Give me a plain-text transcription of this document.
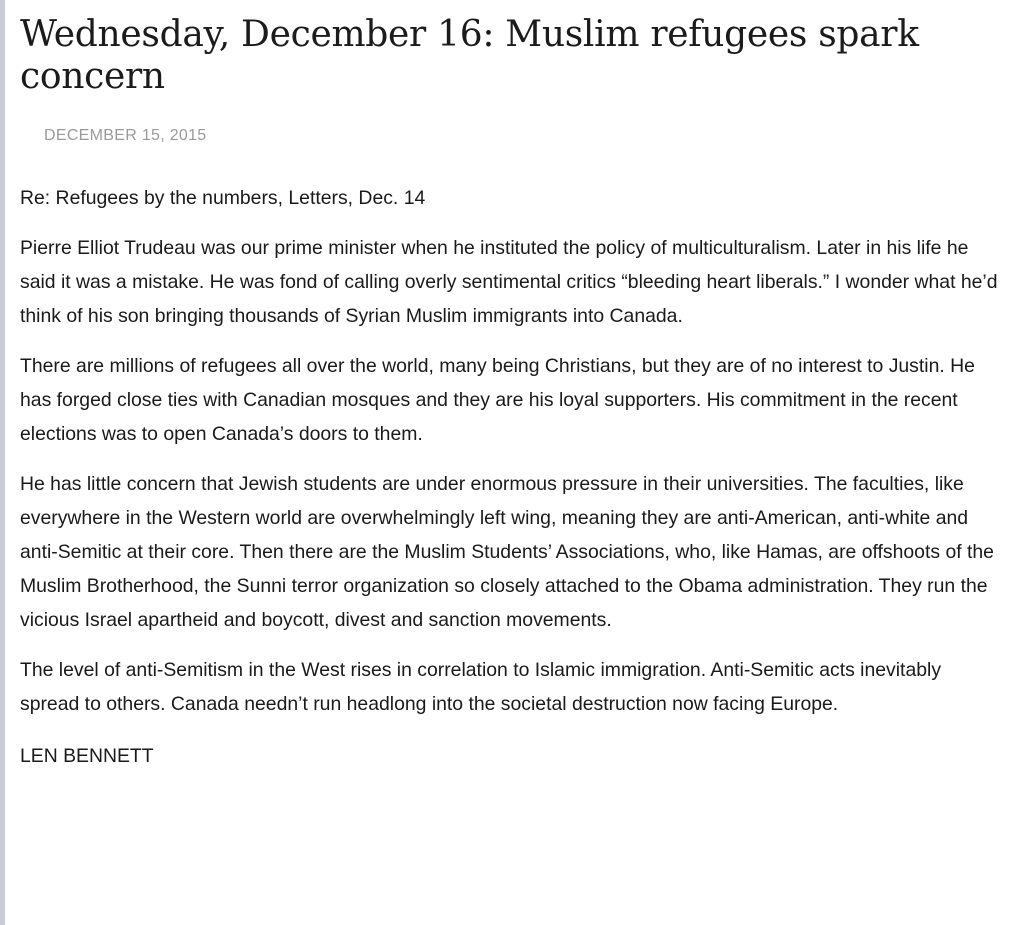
Wednesday, December 16: Muslim refugees spark concern
DECEMBER 15, 2015

Re: Refugees by the numbers, Letters, Dec. 14

Pierre Elliot Trudeau was our prime minister when he instituted the policy of multiculturalism. Later in his life he said it was a mistake. He was fond of calling overly sentimental critics “bleeding heart liberals.” I wonder what he’d think of his son bringing thousands of Syrian Muslim immigrants into Canada.

There are millions of refugees all over the world, many being Christians, but they are of no interest to Justin. He has forged close ties with Canadian mosques and they are his loyal supporters. His commitment in the recent elections was to open Canada’s doors to them.

He has little concern that Jewish students are under enormous pressure in their universities. The faculties, like everywhere in the Western world are overwhelmingly left wing, meaning they are anti-American, anti-white and anti-Semitic at their core. Then there are the Muslim Students’ Associations, who, like Hamas, are offshoots of the Muslim Brotherhood, the Sunni terror organization so closely attached to the Obama administration. They run the vicious Israel apartheid and boycott, divest and sanction movements.

The level of anti-Semitism in the West rises in correlation to Islamic immigration. Anti-Semitic acts inevitably spread to others. Canada needn’t run headlong into the societal destruction now facing Europe.

LEN BENNETT
